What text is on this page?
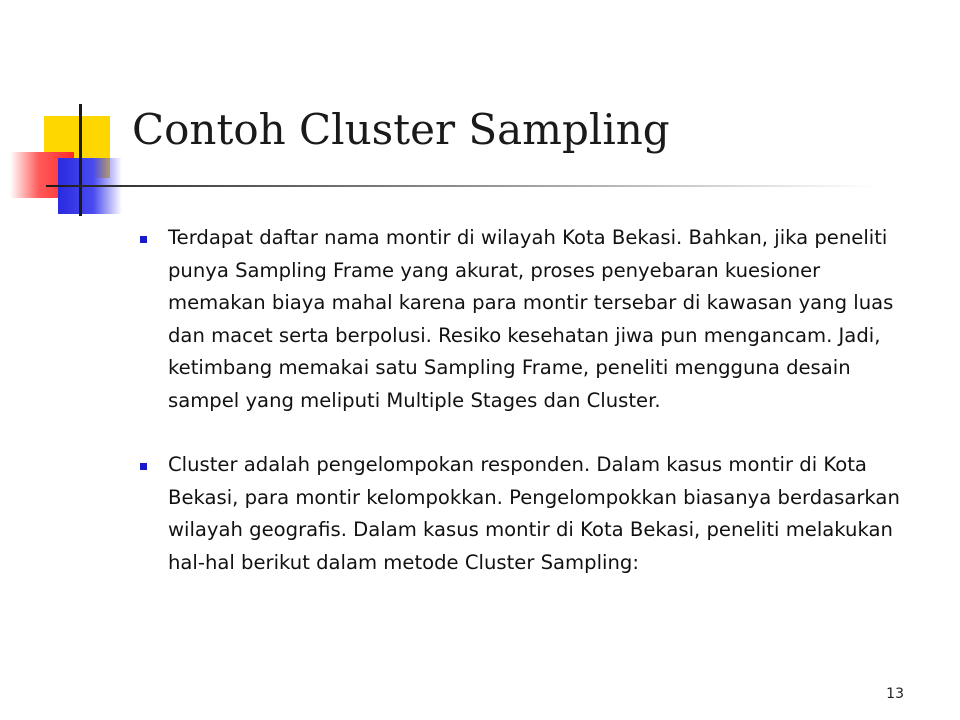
Contoh Cluster Sampling

Terdapat daftar nama montir di wilayah Kota Bekasi. Bahkan, jika peneliti punya Sampling Frame yang akurat, proses penyebaran kuesioner memakan biaya mahal karena para montir tersebar di kawasan yang luas dan macet serta berpolusi. Resiko kesehatan jiwa pun mengancam. Jadi, ketimbang memakai satu Sampling Frame, peneliti mengguna desain sampel yang meliputi Multiple Stages dan Cluster.

Cluster adalah pengelompokan responden. Dalam kasus montir di Kota Bekasi, para montir kelompokkan. Pengelompokkan biasanya berdasarkan wilayah geografis. Dalam kasus montir di Kota Bekasi, peneliti melakukan hal-hal berikut dalam metode Cluster Sampling:

13
